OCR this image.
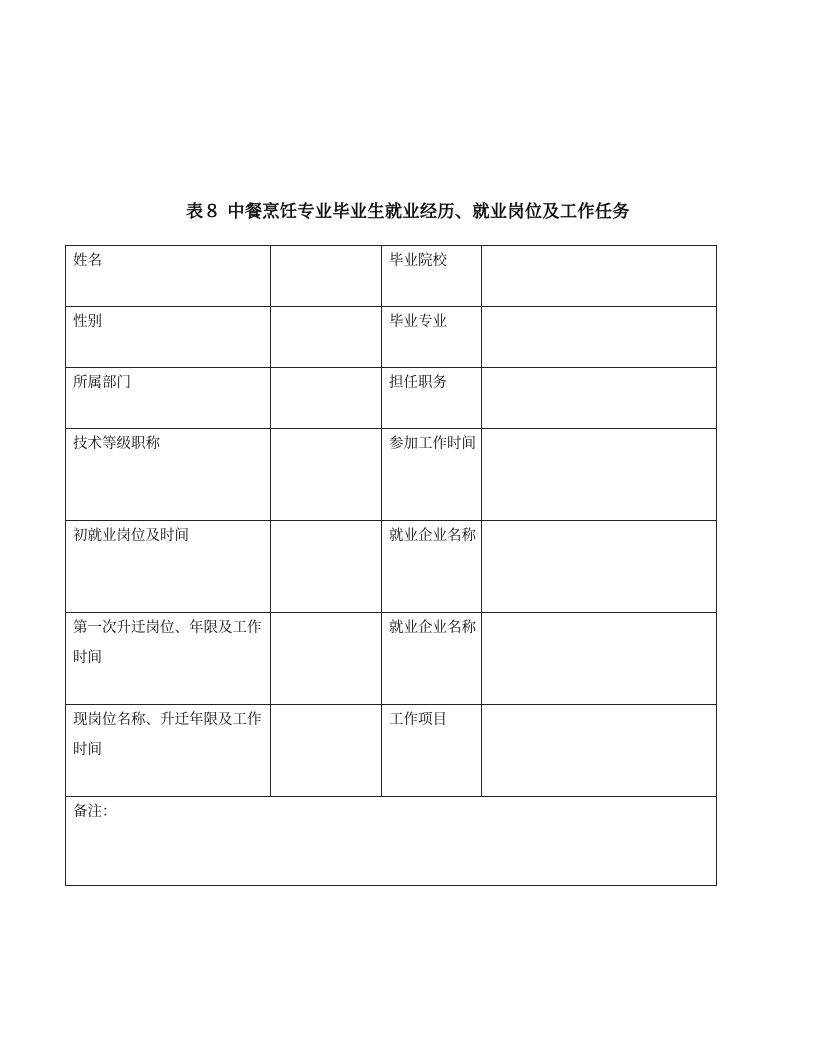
表８ 中餐烹饪专业毕业生就业经历、就业岗位及工作任务
姓名		毕业院校	
性别		毕业专业	
所属部门		担任职务	
技术等级职称		参加工作时间	
初就业岗位及时间		就业企业名称	
第一次升迁岗位、年限及工作时间		就业企业名称	
现岗位名称、升迁年限及工作时间		工作项目	
备注：			
